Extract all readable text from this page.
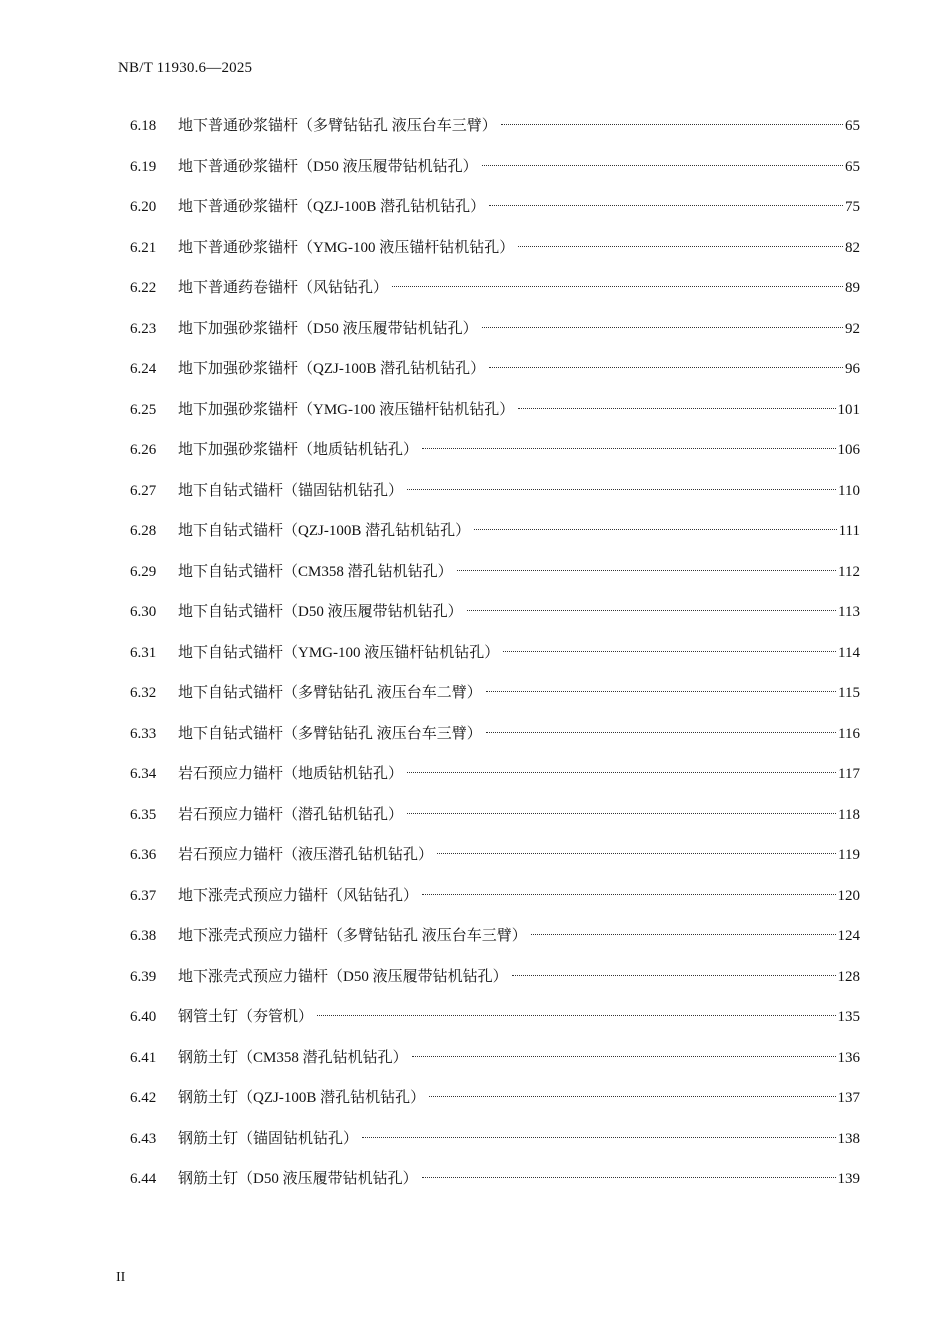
NB/T 11930.6—2025
6.18	地下普通砂浆锚杆（多臂钻钻孔 液压台车三臂）	65
6.19	地下普通砂浆锚杆（D50 液压履带钻机钻孔）	65
6.20	地下普通砂浆锚杆（QZJ-100B 潜孔钻机钻孔）	75
6.21	地下普通砂浆锚杆（YMG-100 液压锚杆钻机钻孔）	82
6.22	地下普通药卷锚杆（风钻钻孔）	89
6.23	地下加强砂浆锚杆（D50 液压履带钻机钻孔）	92
6.24	地下加强砂浆锚杆（QZJ-100B 潜孔钻机钻孔）	96
6.25	地下加强砂浆锚杆（YMG-100 液压锚杆钻机钻孔）	101
6.26	地下加强砂浆锚杆（地质钻机钻孔）	106
6.27	地下自钻式锚杆（锚固钻机钻孔）	110
6.28	地下自钻式锚杆（QZJ-100B 潜孔钻机钻孔）	111
6.29	地下自钻式锚杆（CM358 潜孔钻机钻孔）	112
6.30	地下自钻式锚杆（D50 液压履带钻机钻孔）	113
6.31	地下自钻式锚杆（YMG-100 液压锚杆钻机钻孔）	114
6.32	地下自钻式锚杆（多臂钻钻孔 液压台车二臂）	115
6.33	地下自钻式锚杆（多臂钻钻孔 液压台车三臂）	116
6.34	岩石预应力锚杆（地质钻机钻孔）	117
6.35	岩石预应力锚杆（潜孔钻机钻孔）	118
6.36	岩石预应力锚杆（液压潜孔钻机钻孔）	119
6.37	地下涨壳式预应力锚杆（风钻钻孔）	120
6.38	地下涨壳式预应力锚杆（多臂钻钻孔 液压台车三臂）	124
6.39	地下涨壳式预应力锚杆（D50 液压履带钻机钻孔）	128
6.40	钢管土钉（夯管机）	135
6.41	钢筋土钉（CM358 潜孔钻机钻孔）	136
6.42	钢筋土钉（QZJ-100B 潜孔钻机钻孔）	137
6.43	钢筋土钉（锚固钻机钻孔）	138
6.44	钢筋土钉（D50 液压履带钻机钻孔）	139
II
